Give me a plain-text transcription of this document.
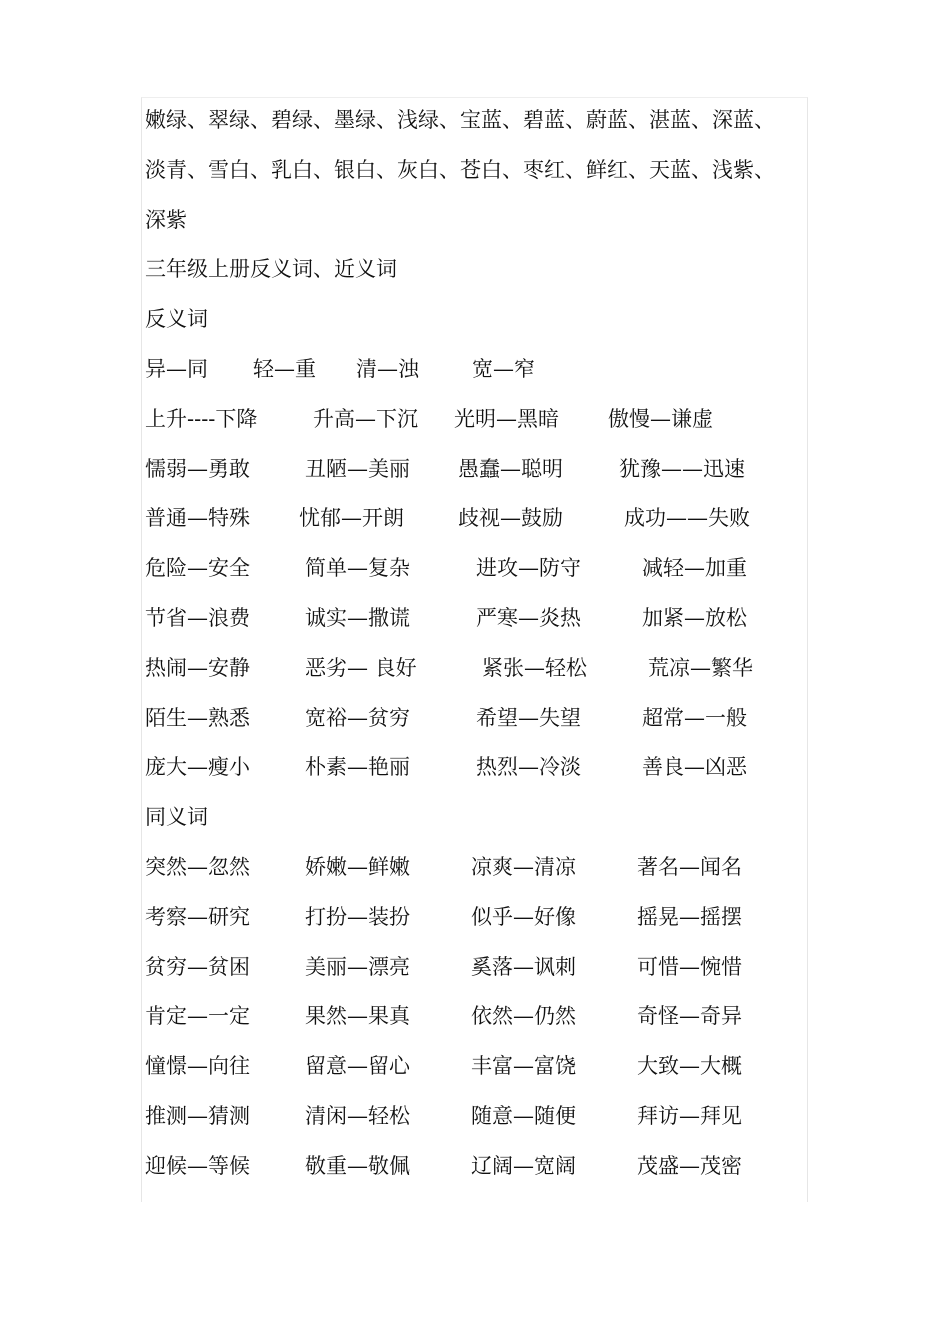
嫩绿、翠绿、碧绿、墨绿、浅绿、宝蓝、碧蓝、蔚蓝、湛蓝、深蓝、
淡青、雪白、乳白、银白、灰白、苍白、枣红、鲜红、天蓝、浅紫、
深紫
三年级上册反义词、近义词
反义词
异—同 轻—重 清—浊	宽—窄
上升----下降	升高—下沉 光明—黑暗 傲慢—谦虚
懦弱—勇敢	丑陋—美丽 愚蠢—聪明	犹豫——迅速
普通—特殊 忧郁—开朗	歧视—鼓励	成功——失败
危险—安全	简单—复杂	进攻—防守	减轻—加重
节省—浪费	诚实—撒谎	严寒—炎热	加紧—放松
热闹—安静	恶劣— 良好	紧张—轻松	荒凉—繁华
陌生—熟悉	宽裕—贫穷	希望—失望	超常—一般
庞大—瘦小	朴素—艳丽	热烈—冷淡	善良—凶恶
同义词
突然—忽然	娇嫩—鲜嫩	凉爽—清凉	著名—闻名
考察—研究	打扮—装扮	似乎—好像	摇晃—摇摆
贫穷—贫困	美丽—漂亮	奚落—讽刺	可惜—惋惜
肯定—一定	果然—果真	依然—仍然	奇怪—奇异
憧憬—向往	留意—留心	丰富—富饶	大致—大概
推测—猜测	清闲—轻松	随意—随便	拜访—拜见
迎候—等候	敬重—敬佩	辽阔—宽阔	茂盛—茂密
